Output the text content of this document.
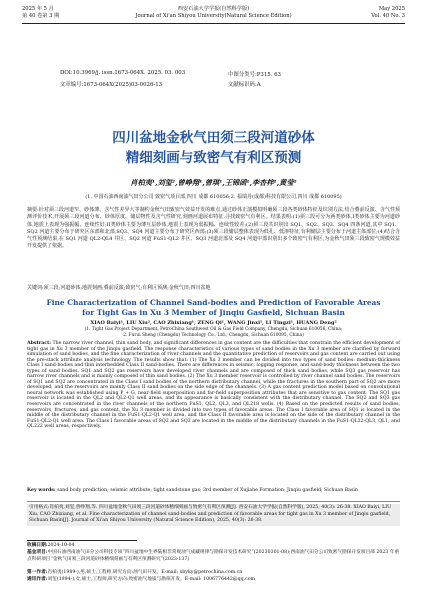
2025 年 5 月
第 40 卷第 3 期
西安石油大学学报(自然科学版)
Journal of Xi'an Shiyou University(Natural Science Edition)
May 2025
Vol. 40 No. 3
DOI:10.3969/j. issn.1673-064X. 2025. 03. 003	中图分类号:P315. 63
文章编号:1673-064X(2025)03-0026-13	文献标识码:A
四川盆地金秋气田须三段河道砂体
精细刻画与致密气有利区预测
肖柏夷¹,刘玺²,曾峥翔¹,曾琪¹,王锦函¹,李杏梓¹,黄莹²
(1. 中国石油西南油气田分公司 致密气项目部,四川 成都 610056;2. 福瑞丹(成都)科技有限公司,四川 成都 610095)
摘要:针对须三段河道窄、砂体薄、含气性差异大等制约金秋气田致密气效益开发的难点,通过砂体正演模拟明确须三段各类砂体特征及识别方法,结合叠前反演、含气性预测评价技术,开展须三段河道分布、砂体厚度、储层物性及含气性研究,刻画河道展布特征,寻找致密气有利区。结果表明:(1)须三段可分为两类砂体,I类砂体主要为河道砂体,地震上表现为强振幅、连续性好;II类砂体主要为薄互层砂体,地震上表现为弱振幅、连续性较差;(2)须三段共识别出 SQ1、SQ2、SQ3、SQ4 四条河道,其中 SQ1、SQ2 河道主要分布于研究区东部和北部,SQ3、SQ4 河道主要分布于研究区西部;(3)须三段储层整体表现为低孔、低渗特征,有利储层主要分布于河道主体部位;(4)结合含气性预测结果,在 SQ1 河道 QL2-QL4 井区、SQ2 河道 FuS1-QL2 井区、SQ3 河道北部及 SQ4 河道中部识别出多个致密气有利区,为金秋气田须三段致密气规模效益开发提供了依据。
关键词:须三段;河道砂体;地震刻画;叠前反演;致密气;有利区预测;金秋气田;四川盆地
Fine Characterization of Channel Sand-bodies and Prediction of Favorable Areas
for Tight Gas in Xu 3 Member of Jinqiu Gasfield, Sichuan Basin
XIAO Baiyi¹, LIU Xiu², CAO Zhixiang¹, ZENG Qi¹, WANG Jinxi¹, LI Tingzi¹, HUANG Deng²
(1. Tight Gas Project Department, PetroChina Southwest Oil & Gas Field Company, Chengdu, Sichuan 610056, China;
2. Furui Sheng (Chengdu) Technology Co., Ltd., Chengdu, Sichuan 610095, China)
Abstract: The narrow river channel, thin sand body, and significant differences in gas content are the difficulties that constrain the efficient development of tight gas in Xu 3 member of the Jinqiu gasfield. The response characteristics of various types of sand bodies in the Xu 3 member are clarified by forward simulation of sand bodies, and the fine characterization of river channels and the quantitative prediction of reservoirs and gas content are carried out using the pre-stack attribute analysis technology. The results show that: (1) The Xu 3 member can be divided into two types of sand bodies: medium-thickness Class I sand-bodies and thin interbedded Class II sand-bodies. There are differences in seismic, logging response, and sand-body thickness between the two types of sand bodies. SQ1 and SQ2 gas reservoirs have developed river channels and are composed of thick sand bodies, while SQ3 gas reservoir has narrow river channels and is mainly composed of thin sand bodies. (2) The Xu 3 member reservoir is controlled by river channel sand bodies. The reservoirs of SQ1 and SQ2 are concentrated in the Class I sand bodies of the northern distributary channel, while the fractures in the southern part of SQ2 are more developed, and the reservoirs are mainly Class II sand bodies on the side edge of the channels. (3) A gas content prediction model based on convolutional neural network was established using P + G, near-field superposition and far-field superposition attributes that are sensitive to gas content. The SQ1 gas reservoir is located in the QL2 and QL2-Q1 well areas, and its appearance is basically consistent with the distributary channel. The SQ2 and SQ3 gas reservoirs are concentrated in the river channels of the northern FuS1, QL2, QL3, and QL218 wells. (4) Based on the predicted results of sand bodies, reservoirs, fractures, and gas content, the Xu 3 member is divided into two types of favorable areas. The Class I favorable area of SQ1 is located in the middle of the distributary channel in the FuS1-QL2-Q1 well area, and the Class II favorable area is located on the side of the distributary channel in the FuS1-QL2-Q1 well area. The Class I favorable areas of SQ2 and SQ3 are located in the middle of the distributary channels in the FuS1-QL32-QL3, QL1, and QL222 well areas, respectively.
Key words: sand body prediction; seismic attribute; tight sandstone gas; 3rd member of Xujiahe Formation; Jinqiu gasfield; Sichuan Basin
引用格式:肖柏夷,刘玺,曾峥翔,等. 四川盆地金秋气田须三段河道砂体精细刻画与致密气有利区预测[J]. 西安石油大学学报(自然科学版), 2025, 40(3): 26-38. XIAO Baiyi, LIU Xiu, CAO Zhixiang, et al. Fine characterization of channel sand-bodies and prediction of favorable areas for tight gas in Xu 3 member of Jinqiu gasfield, Sichuan Basin[J]. Journal of Xi'an Shiyou University (Natural Science Edition), 2025, 40(3): 26-38.
收稿日期:2024-10-04
基金项目:中国石油西南油气田分公司科技专项“四川盆地中生界陆相非常规油气成藏规律与勘探开发技术研究”(20230301-08);西南油气田分公司致密气勘探开发项目部 2023 年重点科研项目“金秋气田须三段河道砂体精细刻画与有利区预测研究”(2023-137)
第一作者:肖柏夷(1989-),男,硕士,工程师,研究方向:油气田开发。E-mail: xbyky@petrochina.com.cn
通讯作者:刘玺(1994-),女,硕士,工程师,研究方向:致密油气地质与勘探开发。E-mail: 1006776442@qq.com
